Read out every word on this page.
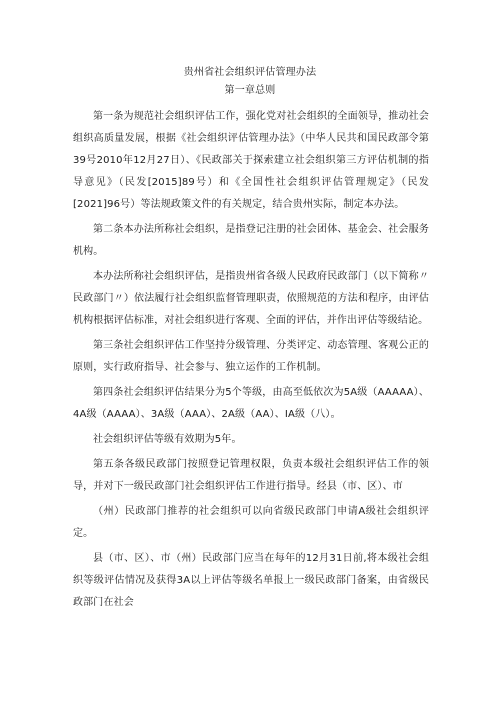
贵州省社会组织评估管理办法
第一章总则

第一条为规范社会组织评估工作，强化党对社会组织的全面领导，推动社会组织高质量发展，根据《社会组织评估管理办法》（中华人民共和国民政部令第39号2010年12月27日）、《民政部关于探索建立社会组织第三方评估机制的指导意见》（民发[2015]89号）和《全国性社会组织评估管理规定》（民发[2021]96号）等法规政策文件的有关规定，结合贵州实际，制定本办法。

第二条本办法所称社会组织，是指登记注册的社会团体、基金会、社会服务机构。

本办法所称社会组织评估，是指贵州省各级人民政府民政部门（以下简称〃民政部门〃）依法履行社会组织监督管理职责，依照规范的方法和程序，由评估机构根据评估标准，对社会组织进行客观、全面的评估，并作出评估等级结论。

第三条社会组织评估工作坚持分级管理、分类评定、动态管理、客观公正的原则，实行政府指导、社会参与、独立运作的工作机制。

第四条社会组织评估结果分为5个等级，由高至低依次为5A级（AAAAA）、4A级（AAAA）、3A级（AAA）、2A级（AA）、IA级（八）。

社会组织评估等级有效期为5年。

第五条各级民政部门按照登记管理权限，负责本级社会组织评估工作的领导，并对下一级民政部门社会组织评估工作进行指导。经县（市、区）、市

（州）民政部门推荐的社会组织可以向省级民政部门申请A级社会组织评定。

县（市、区）、市（州）民政部门应当在每年的12月31日前,将本级社会组织等级评估情况及获得3A以上评估等级名单报上一级民政部门备案，由省级民政部门在社会
